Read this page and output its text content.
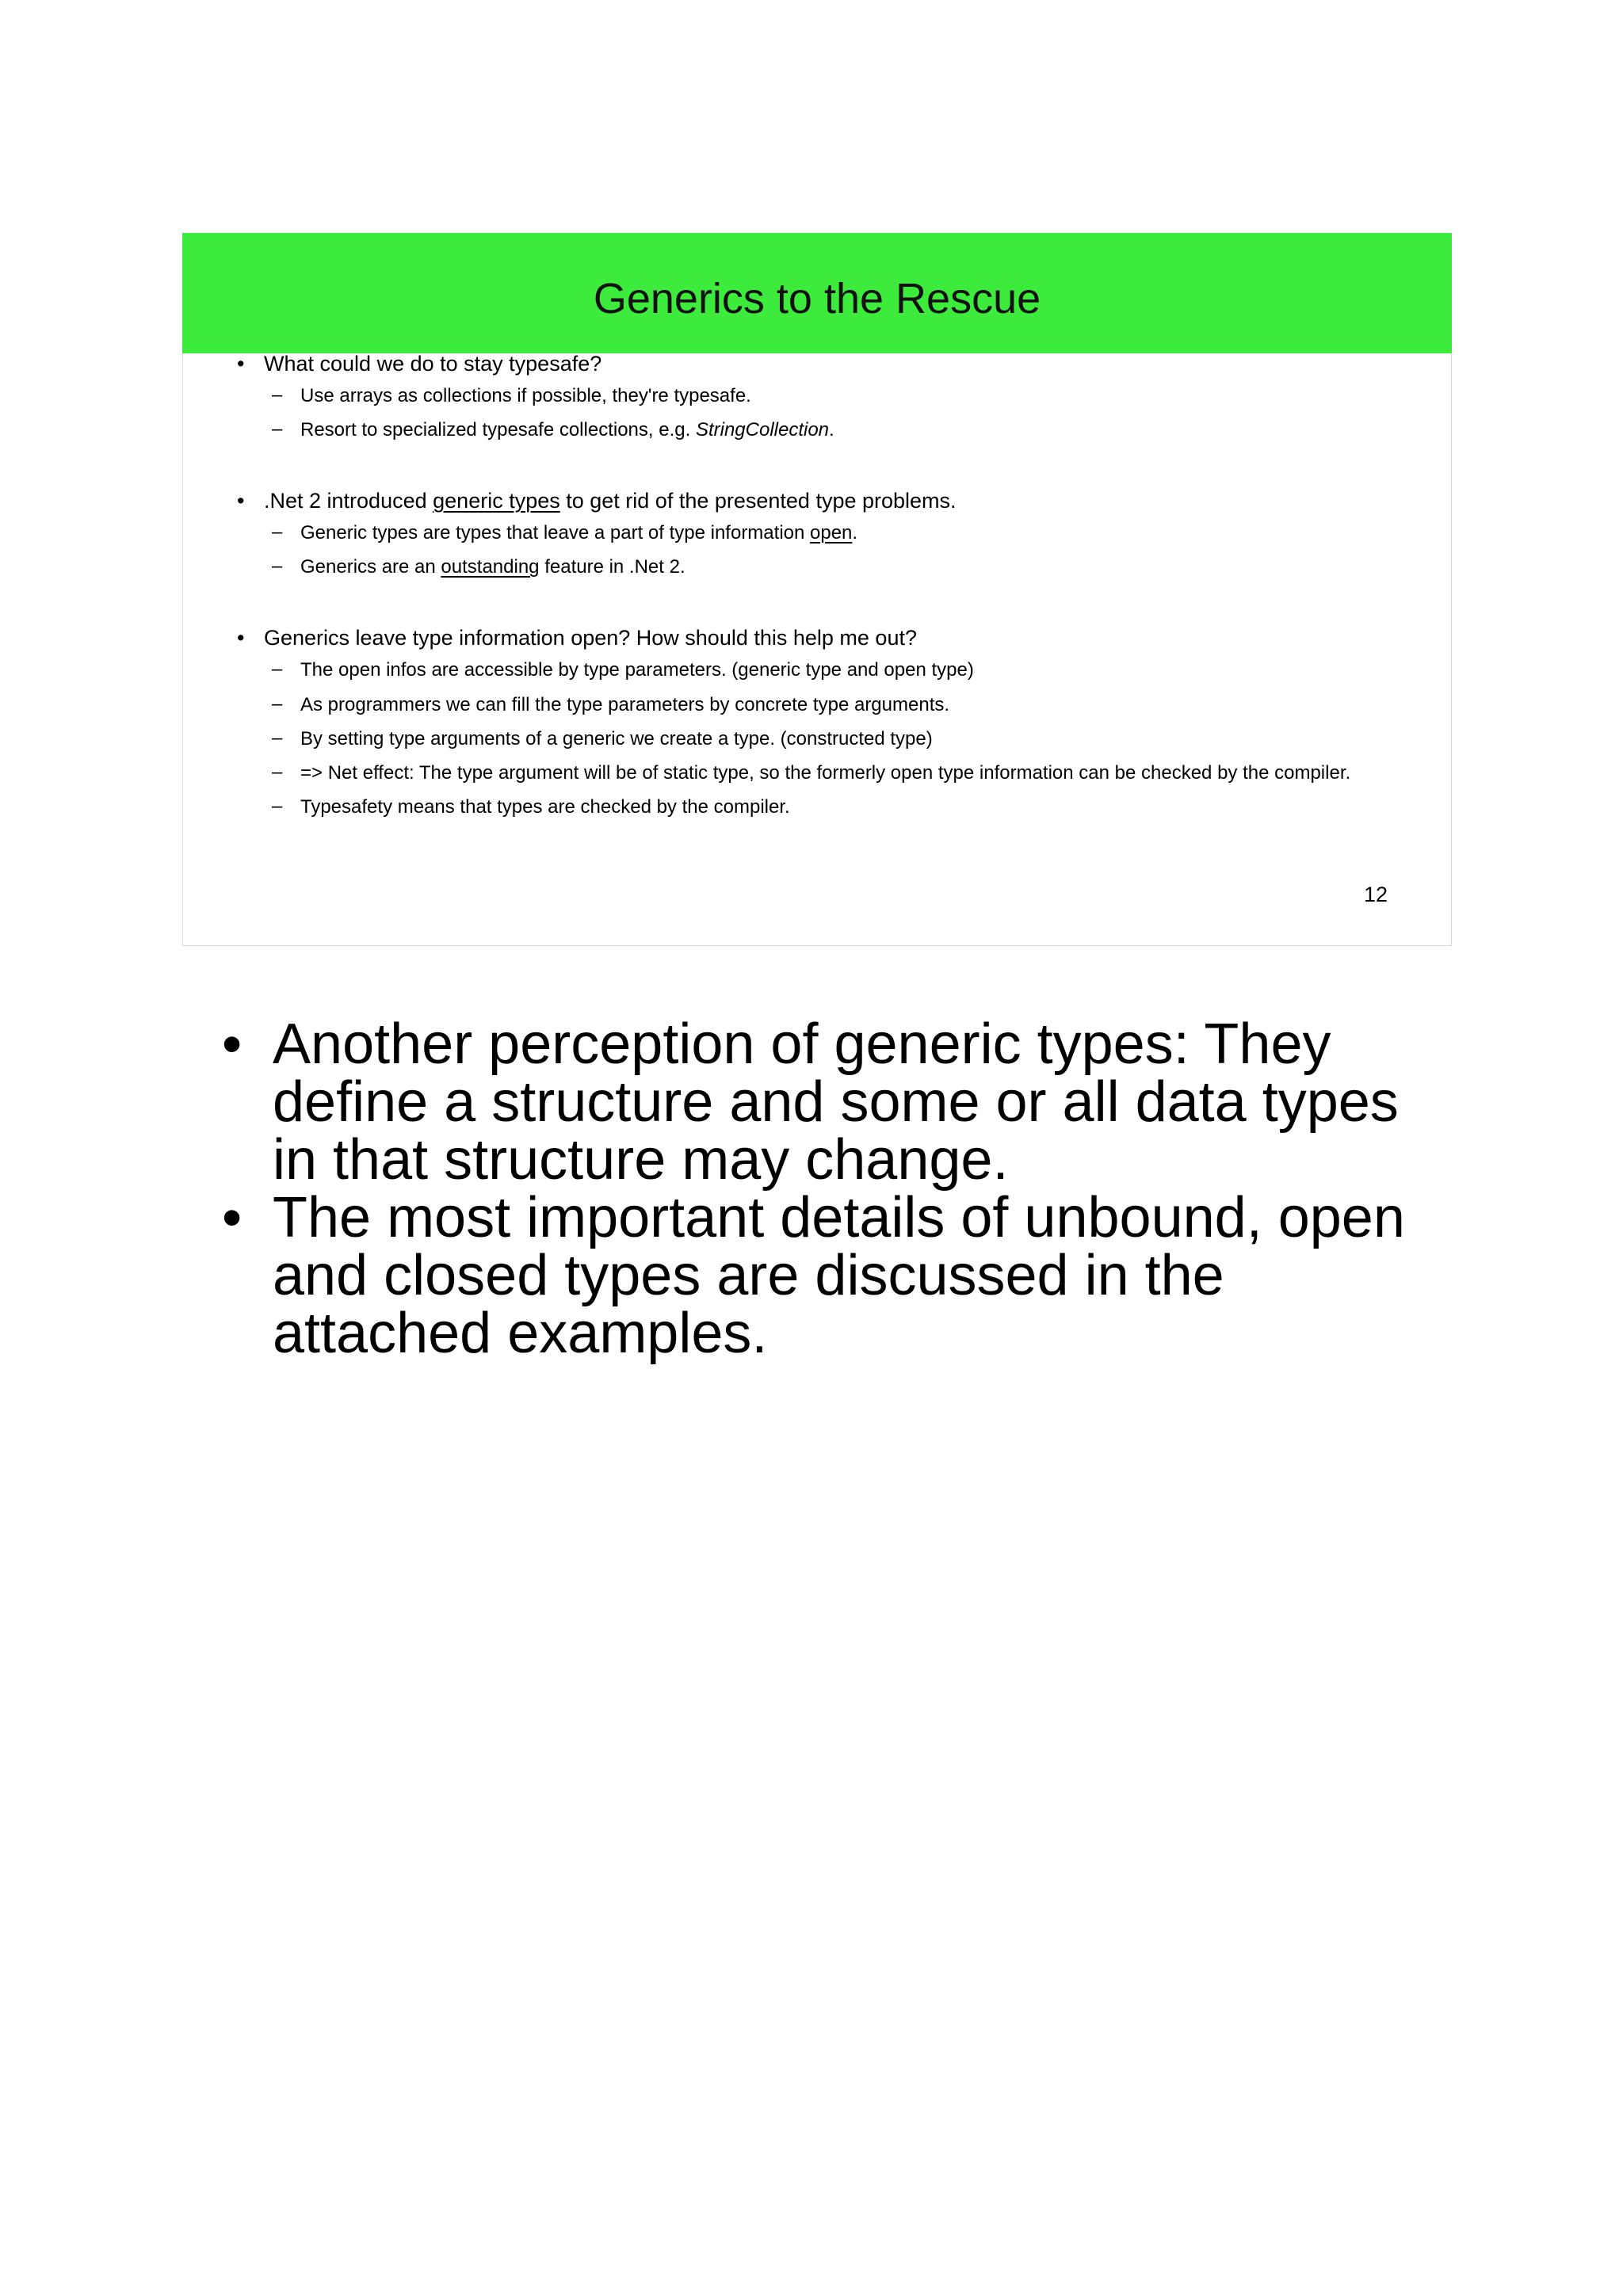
Generics to the Rescue
• What could we do to stay typesafe?
– Use arrays as collections if possible, they're typesafe.
– Resort to specialized typesafe collections, e.g. StringCollection.
• .Net 2 introduced generic types to get rid of the presented type problems.
– Generic types are types that leave a part of type information open.
– Generics are an outstanding feature in .Net 2.
• Generics leave type information open? How should this help me out?
– The open infos are accessible by type parameters. (generic type and open type)
– As programmers we can fill the type parameters by concrete type arguments.
– By setting type arguments of a generic we create a type. (constructed type)
– => Net effect: The type argument will be of static type, so the formerly open type information can be checked by the compiler.
– Typesafety means that types are checked by the compiler.
12
• Another perception of generic types: They define a structure and some or all data types in that structure may change.
• The most important details of unbound, open and closed types are discussed in the attached examples.
